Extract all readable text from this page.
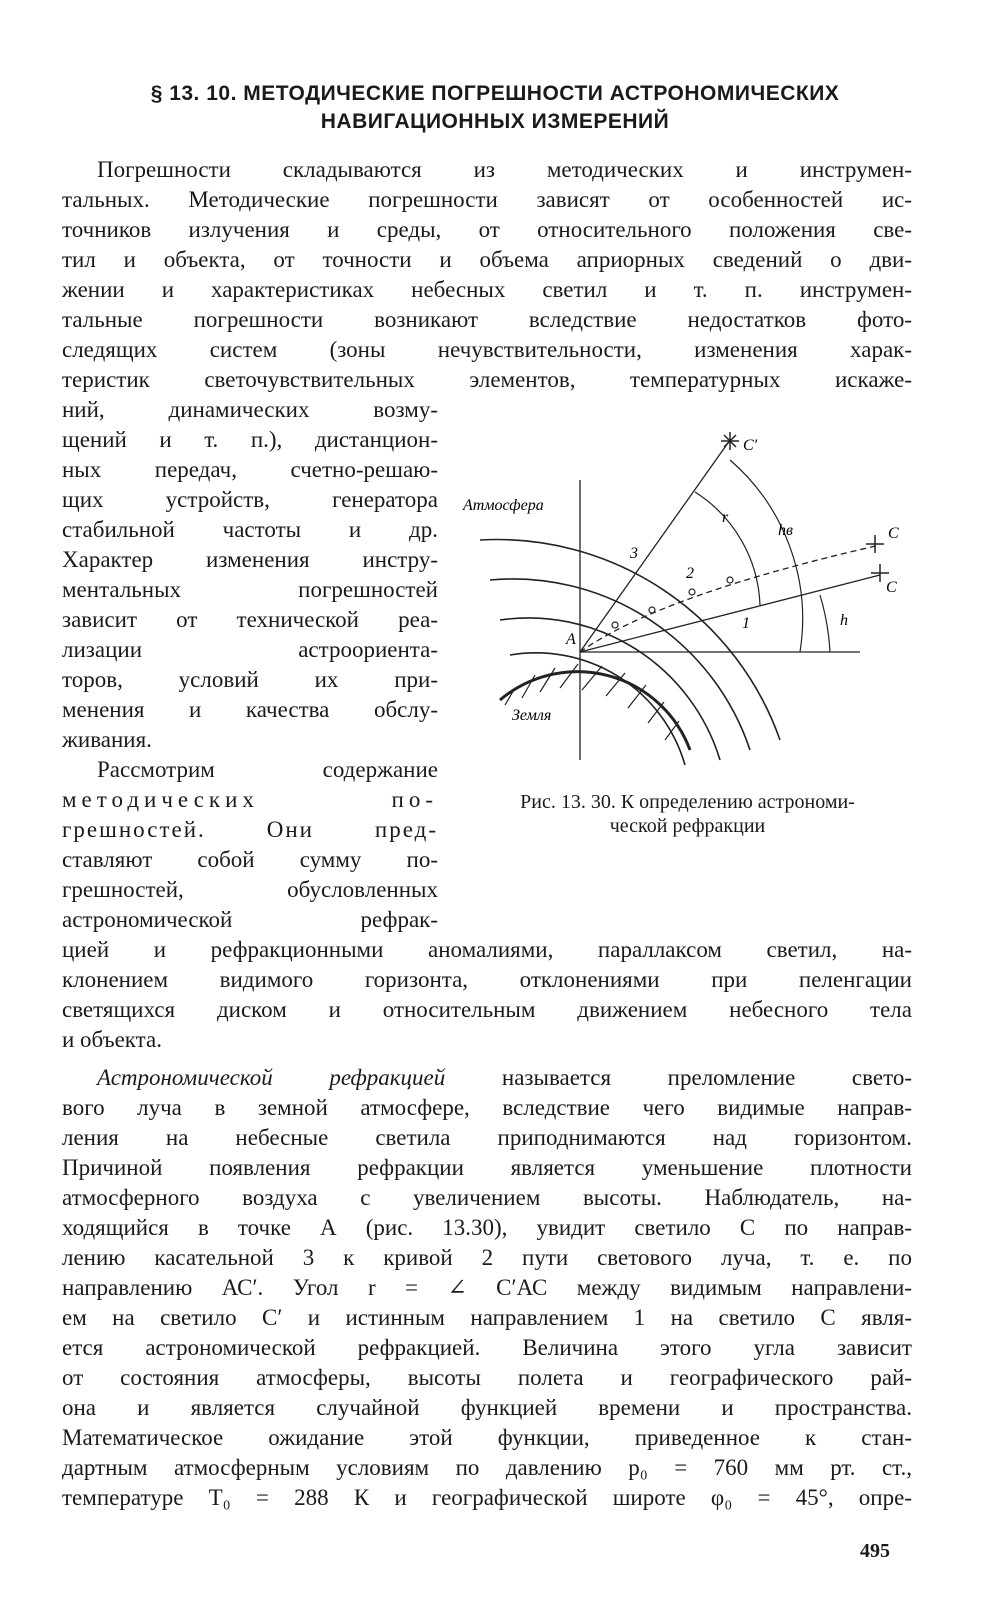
§ 13. 10. МЕТОДИЧЕСКИЕ ПОГРЕШНОСТИ АСТРОНОМИЧЕСКИХ
НАВИГАЦИОННЫХ ИЗМЕРЕНИЙ
Погрешности складываются из методических и инструмен-
тальных. Методические погрешности зависят от особенностей ис-
точников излучения и среды, от относительного положения све-
тил и объекта, от точности и объема априорных сведений о дви-
жении и характеристиках небесных светил и т. п. инструмен-
тальные погрешности возникают вследствие недостатков фото-
следящих систем (зоны нечувствительности, изменения харак-
теристик светочувствительных элементов, температурных искаже-
ний, динамических возму-
щений и т. п.), дистанцион-
ных передач, счетно-решаю-
щих устройств, генератора
стабильной частоты и др.
Характер изменения инстру-
ментальных погрешностей
зависит от технической реа-
лизации астроориента-
торов, условий их при-
менения и качества обслу-
живания.
Рассмотрим содержание
методических по-
грешностей. Они пред-
ставляют собой сумму по-
грешностей, обусловленных
астрономической рефрак-
Атмосфера
Земля
A
C′
C
C
r
hв
h
1
2
3
Рис. 13. 30. К определению астрономи-
ческой рефракции
цией и рефракционными аномалиями, параллаксом светил, на-
клонением видимого горизонта, отклонениями при пеленгации
светящихся диском и относительным движением небесного тела
и объекта.
Астрономической рефракцией называется преломление свето-
вого луча в земной атмосфере, вследствие чего видимые направ-
ления на небесные светила приподнимаются над горизонтом.
Причиной появления рефракции является уменьшение плотности
атмосферного воздуха с увеличением высоты. Наблюдатель, на-
ходящийся в точке А (рис. 13.30), увидит светило С по направ-
лению касательной 3 к кривой 2 пути светового луча, т. е. по
направлению АС′. Угол r = ∠ С′АС между видимым направлени-
ем на светило С′ и истинным направлением 1 на светило С явля-
ется астрономической рефракцией. Величина этого угла зависит
от состояния атмосферы, высоты полета и географического рай-
она и является случайной функцией времени и пространства.
Математическое ожидание этой функции, приведенное к стан-
дартным атмосферным условиям по давлению p₀ = 760 мм рт. ст.,
температуре T₀ = 288 К и географической широте φ₀ = 45°, опре-
495
